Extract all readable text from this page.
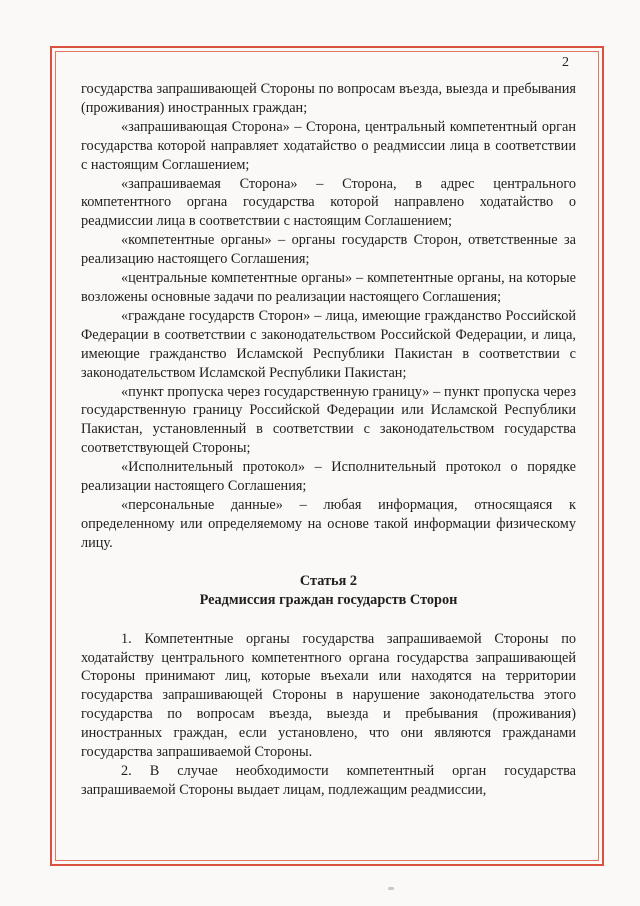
2

государства запрашивающей Стороны по вопросам въезда, выезда и пребывания (проживания) иностранных граждан;

«запрашивающая Сторона» – Сторона, центральный компетентный орган государства которой направляет ходатайство о реадмиссии лица в соответствии с настоящим Соглашением;

«запрашиваемая Сторона» – Сторона, в адрес центрального компетентного органа государства которой направлено ходатайство о реадмиссии лица в соответствии с настоящим Соглашением;

«компетентные органы» – органы государств Сторон, ответственные за реализацию настоящего Соглашения;

«центральные компетентные органы» – компетентные органы, на которые возложены основные задачи по реализации настоящего Соглашения;

«граждане государств Сторон» – лица, имеющие гражданство Российской Федерации в соответствии с законодательством Российской Федерации, и лица, имеющие гражданство Исламской Республики Пакистан в соответствии с законодательством Исламской Республики Пакистан;

«пункт пропуска через государственную границу» – пункт пропуска через государственную границу Российской Федерации или Исламской Республики Пакистан, установленный в соответствии с законодательством государства соответствующей Стороны;

«Исполнительный протокол» – Исполнительный протокол о порядке реализации настоящего Соглашения;

«персональные данные» – любая информация, относящаяся к определенному или определяемому на основе такой информации физическому лицу.

Статья 2
Реадмиссия граждан государств Сторон

1. Компетентные органы государства запрашиваемой Стороны по ходатайству центрального компетентного органа государства запрашивающей Стороны принимают лиц, которые въехали или находятся на территории государства запрашивающей Стороны в нарушение законодательства этого государства по вопросам въезда, выезда и пребывания (проживания) иностранных граждан, если установлено, что они являются гражданами государства запрашиваемой Стороны.

2. В случае необходимости компетентный орган государства запрашиваемой Стороны выдает лицам, подлежащим реадмиссии,
